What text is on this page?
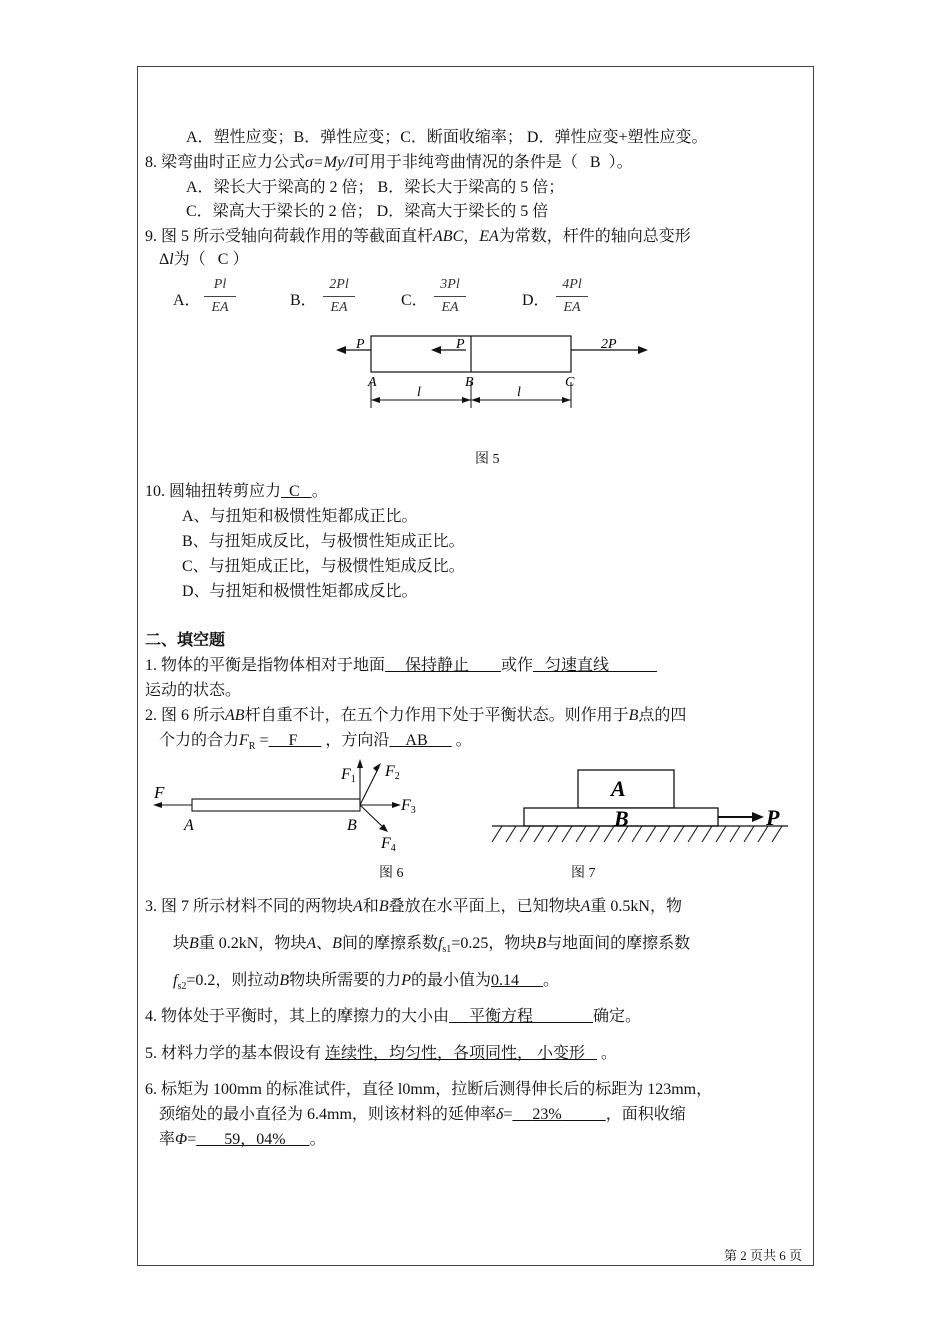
A．塑性应变；B．弹性应变；C．断面收缩率； D．弹性应变+塑性应变。
8. 梁弯曲时正应力公式σ=My/I可用于非纯弯曲情况的条件是（ B ）。
A．梁长大于梁高的 2 倍； B．梁长大于梁高的 5 倍；
C．梁高大于梁长的 2 倍； D．梁高大于梁长的 5 倍
9. 图 5 所示受轴向荷载作用的等截面直杆ABC，EA为常数，杆件的轴向总变形
Δl为（ C ）
A．
Pl
EA	B．
2Pl
EA	C．
3Pl
EA	D．
4Pl
EA
P	P	2P
A	B	C
l	l
图 5
10. 圆轴扭转剪应力 C 。
A、与扭矩和极惯性矩都成正比。
B、与扭矩成反比，与极惯性矩成正比。
C、与扭矩成正比，与极惯性矩成反比。
D、与扭矩和极惯性矩都成反比。
二、填空题
1. 物体的平衡是指物体相对于地面 保持静止 或作 匀速直线
运动的状态。
2. 图 6 所示AB杆自重不计，在五个力作用下处于平衡状态。则作用于B点的四
个力的合力$F_R = F$ ，方向沿 AB 。
F
A	B
F1 F2
F3
F4
图 6
A
B	P
图 7
3. 图 7 所示材料不同的两物块A和B叠放在水平面上，已知物块A重 0.5kN，物
块B重 0.2kN，物块A、B间的摩擦系数$f_{s1}=0.25$，物块B与地面间的摩擦系数
$f_{s2}=0.2$，则拉动B物块所需要的力P的最小值为0.14 。
4. 物体处于平衡时，其上的摩擦力的大小由 平衡方程	确定。
5. 材料力学的基本假设有 连续性，均匀性，各项同性， 小变形 。
6. 标矩为 100mm 的标准试件，直径 l0mm，拉断后测得伸长后的标距为 123mm，
颈缩处的最小直径为 6.4mm，则该材料的延伸率δ= 23%	，面积收缩
率Φ= 59，04% 。
第 2 页共 6 页
